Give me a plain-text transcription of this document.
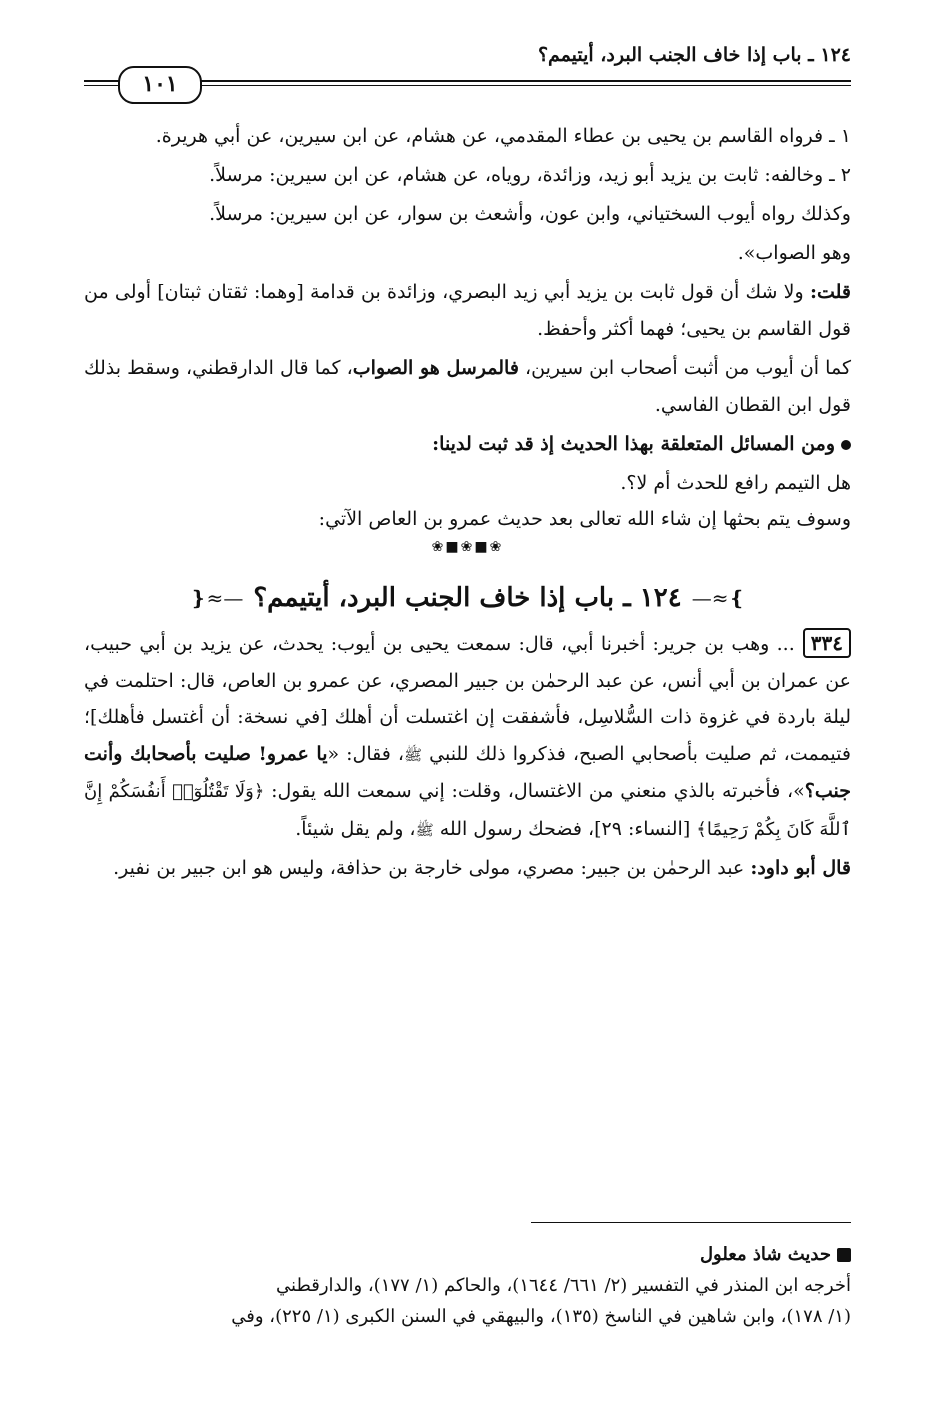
١٢٤ ـ باب إذا خاف الجنب البرد، أيتيمم؟
١٠١

١ ـ فرواه القاسم بن يحيى بن عطاء المقدمي، عن هشام، عن ابن سيرين، عن أبي هريرة.

٢ ـ وخالفه: ثابت بن يزيد أبو زيد، وزائدة، روياه، عن هشام، عن ابن سيرين: مرسلاً.

وكذلك رواه أيوب السختياني، وابن عون، وأشعث بن سوار، عن ابن سيرين: مرسلاً.

وهو الصواب».

قلت: ولا شك أن قول ثابت بن يزيد أبي زيد البصري، وزائدة بن قدامة [وهما: ثقتان ثبتان] أولى من قول القاسم بن يحيى؛ فهما أكثر وأحفظ.

كما أن أيوب من أثبت أصحاب ابن سيرين، فالمرسل هو الصواب، كما قال الدارقطني، وسقط بذلك قول ابن القطان الفاسي.

ومن المسائل المتعلقة بهذا الحديث إذ قد ثبت لدينا:

هل التيمم رافع للحدث أم لا؟.

وسوف يتم بحثها إن شاء الله تعالى بعد حديث عمرو بن العاص الآتي:

❀■❀■❀
❵≈—
١٢٤ ـ باب إذا خاف الجنب البرد، أيتيمم؟
—≈❴

٣٣٤... وهب بن جرير: أخبرنا أبي، قال: سمعت يحيى بن أيوب: يحدث، عن يزيد بن أبي حبيب، عن عمران بن أبي أنس، عن عبد الرحمٰن بن جبير المصري، عن عمرو بن العاص، قال: احتلمت في ليلة باردة في غزوة ذات السُّلاسِل، فأشفقت إن اغتسلت أن أهلك [في نسخة: أن أغتسل فأهلك]؛ فتيممت، ثم صليت بأصحابي الصبح، فذكروا ذلك للنبي ﷺ، فقال: «يا عمرو! صليت بأصحابك وأنت جنب؟»، فأخبرته بالذي منعني من الاغتسال، وقلت: إني سمعت الله يقول: ﴿وَلَا تَقْتُلُوٓا۟ أَنفُسَكُمْ إِنَّ ٱللَّهَ كَانَ بِكُمْ رَحِيمًا﴾ [النساء: ٢٩]، فضحك رسول الله ﷺ، ولم يقل شيئاً.

قال أبو داود: عبد الرحمٰن بن جبير: مصري، مولى خارجة بن حذافة، وليس هو ابن جبير بن نفير.

حديث شاذ معلول

أخرجه ابن المنذر في التفسير (٢/ ٦٦١/ ١٦٤٤)، والحاكم (١/ ١٧٧)، والدارقطني

(١/ ١٧٨)، وابن شاهين في الناسخ (١٣٥)، والبيهقي في السنن الكبرى (١/ ٢٢٥)، وفي
